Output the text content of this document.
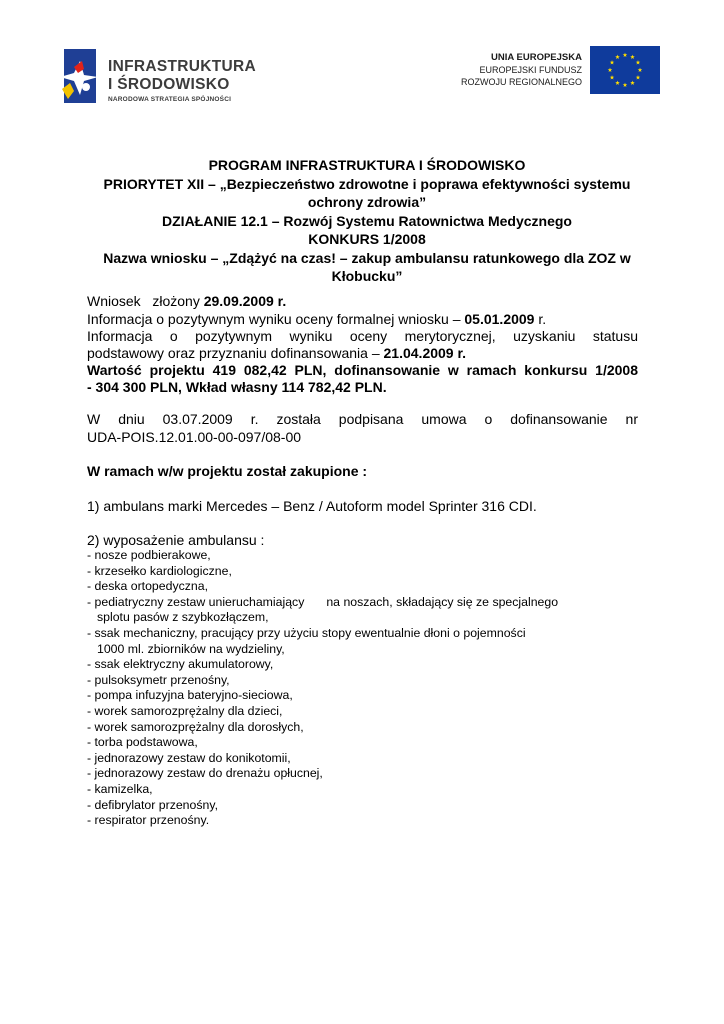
INFRASTRUKTURA
I ŚRODOWISKO
NARODOWA STRATEGIA SPÓJNOŚCI
UNIA EUROPEJSKA
EUROPEJSKI FUNDUSZ
ROZWOJU REGIONALNEGO
PROGRAM INFRASTRUKTURA I ŚRODOWISKO
PRIORYTET XII – „Bezpieczeństwo zdrowotne i poprawa efektywności systemu
ochrony zdrowia”
DZIAŁANIE 12.1 – Rozwój Systemu Ratownictwa Medycznego
KONKURS 1/2008
Nazwa wniosku – „Zdążyć na czas! – zakup ambulansu ratunkowego dla ZOZ w
Kłobucku”
Wniosek   złożony 29.09.2009 r.
Informacja o pozytywnym wyniku oceny formalnej wniosku – 05.01.2009 r.
Informacja o pozytywnym wyniku oceny merytorycznej, uzyskaniu statusu
podstawowy oraz przyznaniu dofinansowania – 21.04.2009 r.
Wartość projektu 419 082,42 PLN, dofinansowanie w ramach konkursu 1/2008
- 304 300 PLN, Wkład własny 114 782,42 PLN.
W dniu 03.07.2009 r. została podpisana umowa o dofinansowanie nr
UDA-POIS.12.01.00-00-097/08-00
W ramach w/w projektu został zakupione :
1) ambulans marki Mercedes – Benz / Autoform model Sprinter 316 CDI.
2) wyposażenie ambulansu :
- nosze podbierakowe,
- krzesełko kardiologiczne,
- deska ortopedyczna,
- pediatryczny zestaw unieruchamiający na noszach, składający się ze specjalnego
splotu pasów z szybkozłączem,
- ssak mechaniczny, pracujący przy użyciu stopy ewentualnie dłoni o pojemności
1000 ml. zbiorników na wydzieliny,
- ssak elektryczny akumulatorowy,
- pulsoksymetr przenośny,
- pompa infuzyjna bateryjno-sieciowa,
- worek samorozprężalny dla dzieci,
- worek samorozprężalny dla dorosłych,
- torba podstawowa,
- jednorazowy zestaw do konikotomii,
- jednorazowy zestaw do drenażu opłucnej,
- kamizelka,
- defibrylator przenośny,
- respirator przenośny.
